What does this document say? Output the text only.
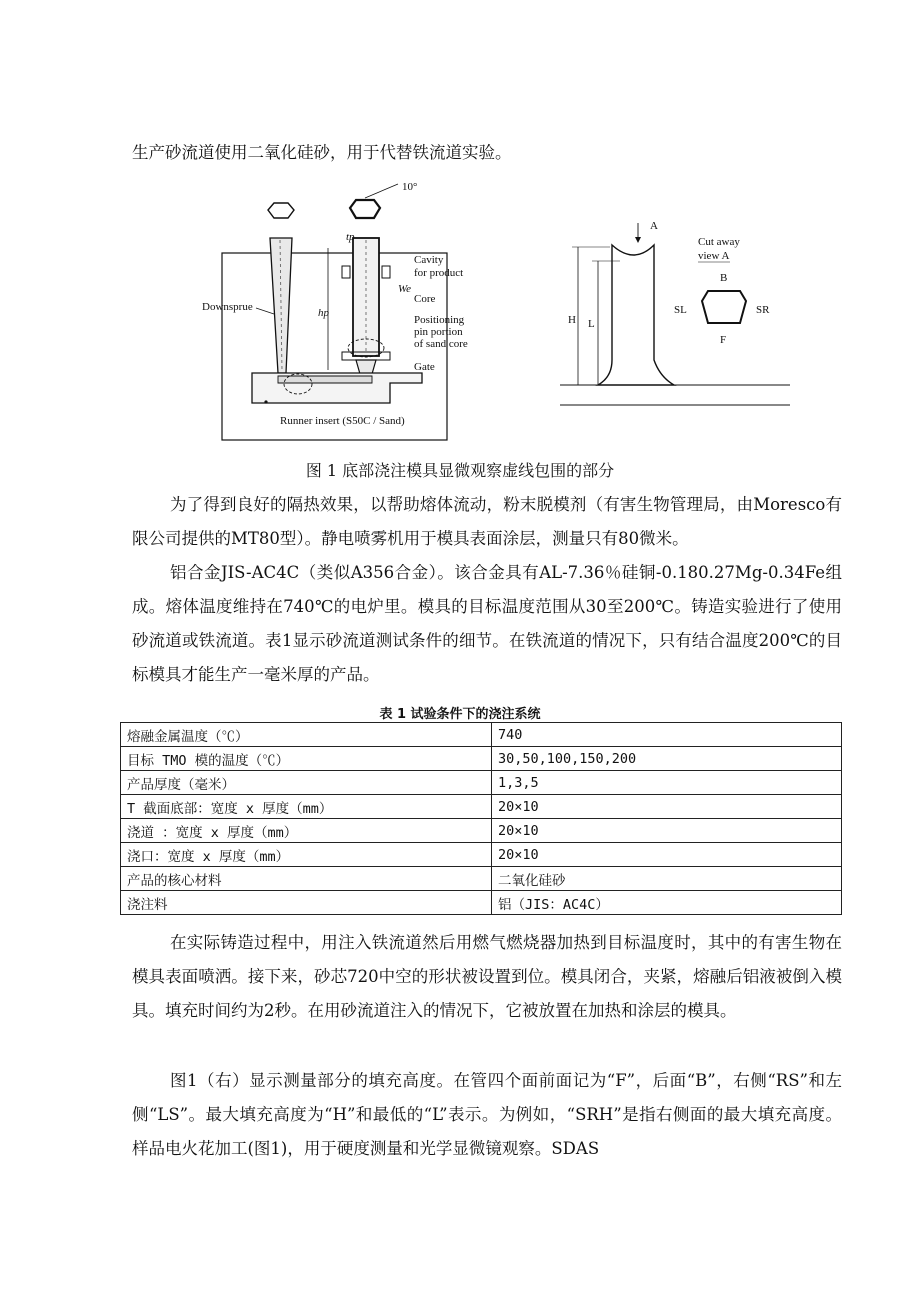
生产砂流道使用二氧化硅砂，用于代替铁流道实验。
10°
hp
tp
Downsprue
Cavity
for product
We
Core
Positioning
pin portion
of sand core
Gate
Runner insert (S50C / Sand)
A
H L
Cut away
view A
B
SL	SR
F
图 1 底部浇注模具显微观察虚线包围的部分
为了得到良好的隔热效果，以帮助熔体流动，粉末脱模剂（有害生物管理局，由Moresco有限公司提供的MT80型）。静电喷雾机用于模具表面涂层，测量只有80微米。
铝合金JIS-AC4C（类似A356合金）。该合金具有AL-7.36％硅铜-0.180.27Mg-0.34Fe组成。熔体温度维持在740℃的电炉里。模具的目标温度范围从30至200℃。铸造实验进行了使用砂流道或铁流道。表1显示砂流道测试条件的细节。在铁流道的情况下，只有结合温度200℃的目标模具才能生产一毫米厚的产品。
表 1 试验条件下的浇注系统
熔融金属温度（℃）	740
目标 TMO 模的温度（℃）	30,50,100,150,200
产品厚度（毫米）	1,3,5
T 截面底部：宽度 x 厚度（mm）	20×10
浇道 ：宽度 x 厚度（mm）	20×10
浇口：宽度 x 厚度（mm）	20×10
产品的核心材料	二氧化硅砂
浇注料	铝（JIS：AC4C）
在实际铸造过程中，用注入铁流道然后用燃气燃烧器加热到目标温度时，其中的有害生物在模具表面喷洒。接下来，砂芯720中空的形状被设置到位。模具闭合，夹紧，熔融后铝液被倒入模具。填充时间约为2秒。在用砂流道注入的情况下，它被放置在加热和涂层的模具。
图1（右）显示测量部分的填充高度。在管四个面前面记为“F”，后面“B”，右侧“RS”和左侧“LS”。最大填充高度为“H”和最低的“L”表示。为例如，“SRH”是指右侧面的最大填充高度。样品电火花加工(图1)，用于硬度测量和光学显微镜观察。SDAS
